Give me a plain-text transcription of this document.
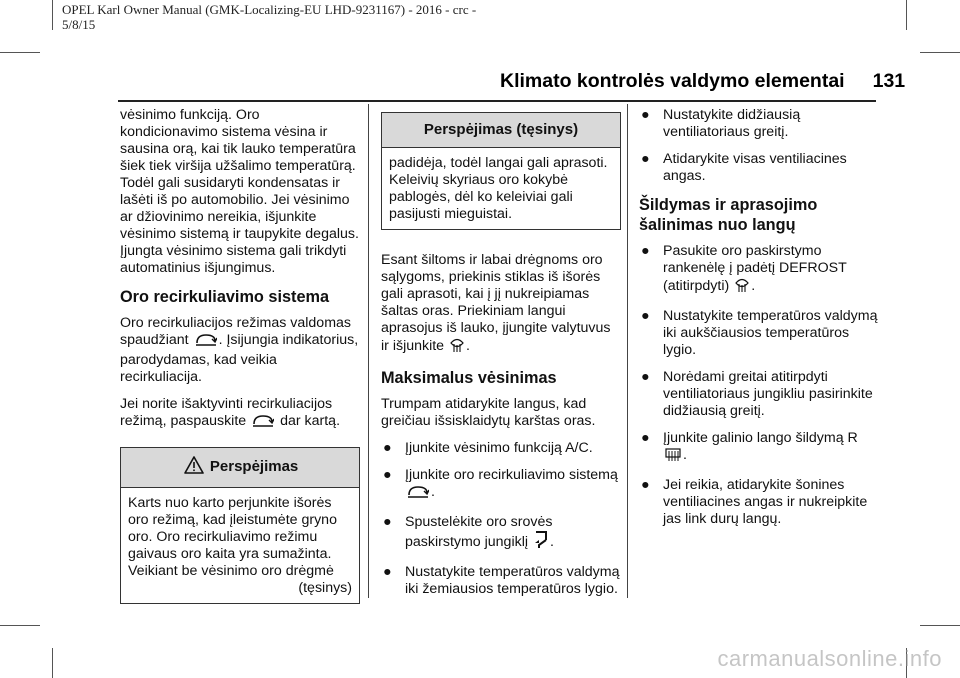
OPEL Karl Owner Manual (GMK-Localizing-EU LHD-9231167) - 2016 - crc -
5/8/15
Klimato kontrolės valdymo elementai 131

vėsinimo funkciją. Oro kondicionavimo sistema vėsina ir sausina orą, kai tik lauko temperatūra šiek tiek viršija užšalimo temperatūrą. Todėl gali susidaryti kondensatas ir lašėti iš po automobilio. Jei vėsinimo ar džiovinimo nereikia, išjunkite vėsinimo sistemą ir taupykite degalus. Įjungta vėsinimo sistema gali trikdyti automatinius išjungimus.

Oro recirkuliavimo sistema

Oro recirkuliacijos režimas valdomas spaudžiant . Įsijungia indikatorius, parodydamas, kad veikia recirkuliacija.

Jei norite išaktyvinti recirkuliacijos režimą, paspauskite dar kartą.

Perspėjimas
Karts nuo karto perjunkite išorės oro režimą, kad įleistumėte gryno oro. Oro recirkuliavimo režimu gaivaus oro kaita yra sumažinta. Veikiant be vėsinimo oro drėgmė
(tęsinys)
Perspėjimas (tęsinys)
padidėja, todėl langai gali aprasoti. Keleivių skyriaus oro kokybė pablogės, dėl ko keleiviai gali pasijusti mieguistai.

Esant šiltoms ir labai drėgnoms oro sąlygoms, priekinis stiklas iš išorės gali aprasoti, kai į jį nukreipiamas šaltas oras. Priekiniam langui aprasojus iš lauko, įjungite valytuvus ir išjunkite .

Maksimalus vėsinimas

Trumpam atidarykite langus, kad greičiau išsisklaidytų karštas oras.

● Įjunkite vėsinimo funkciją A/C.
● Įjunkite oro recirkuliavimo sistemą .
● Spustelėkite oro srovės paskirstymo jungiklį .
● Nustatykite temperatūros valdymą iki žemiausios temperatūros lygio.
● Nustatykite didžiausią ventiliatoriaus greitį.
● Atidarykite visas ventiliacines angas.
Šildymas ir aprasojimo šalinimas nuo langų
● Pasukite oro paskirstymo rankenėlę į padėtį DEFROST (atitirpdyti) .
● Nustatykite temperatūros valdymą iki aukščiausios temperatūros lygio.
● Norėdami greitai atitirpdyti ventiliatoriaus jungikliu pasirinkite didžiausią greitį.
● Įjunkite galinio lango šildymą R .
● Jei reikia, atidarykite šonines ventiliacines angas ir nukreipkite jas link durų langų.
carmanualsonline.info
